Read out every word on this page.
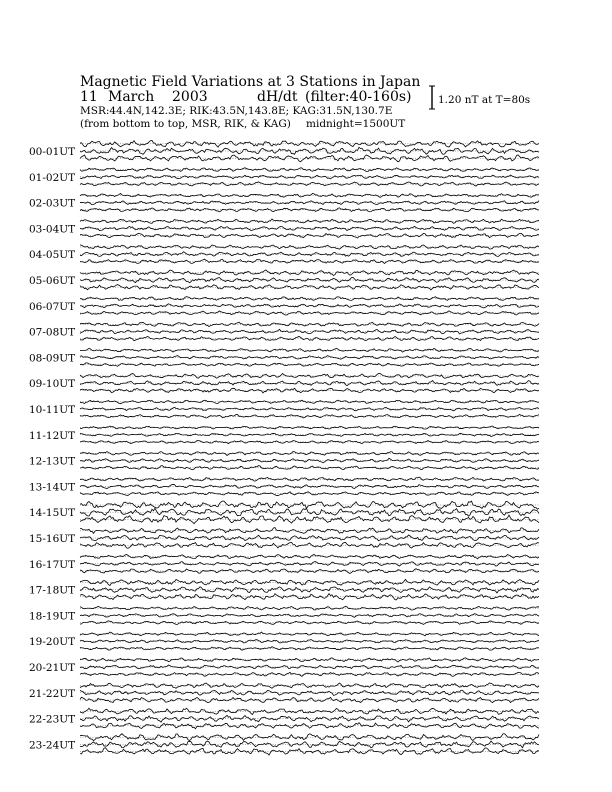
Magnetic Field Variations at 3 Stations in Japan
11 March 2003	dH/dt (filter:40-160s)
MSR:44.4N,142.3E; RIK:43.5N,143.8E; KAG:31.5N,130.7E
(from bottom to top, MSR, RIK, & KAG) midnight=1500UT
1.20 nT at T=80s
00-01UT
01-02UT
02-03UT
03-04UT
04-05UT
05-06UT
06-07UT
07-08UT
08-09UT
09-10UT
10-11UT
11-12UT
12-13UT
13-14UT
14-15UT
15-16UT
16-17UT
17-18UT
18-19UT
19-20UT
20-21UT
21-22UT
22-23UT
23-24UT
